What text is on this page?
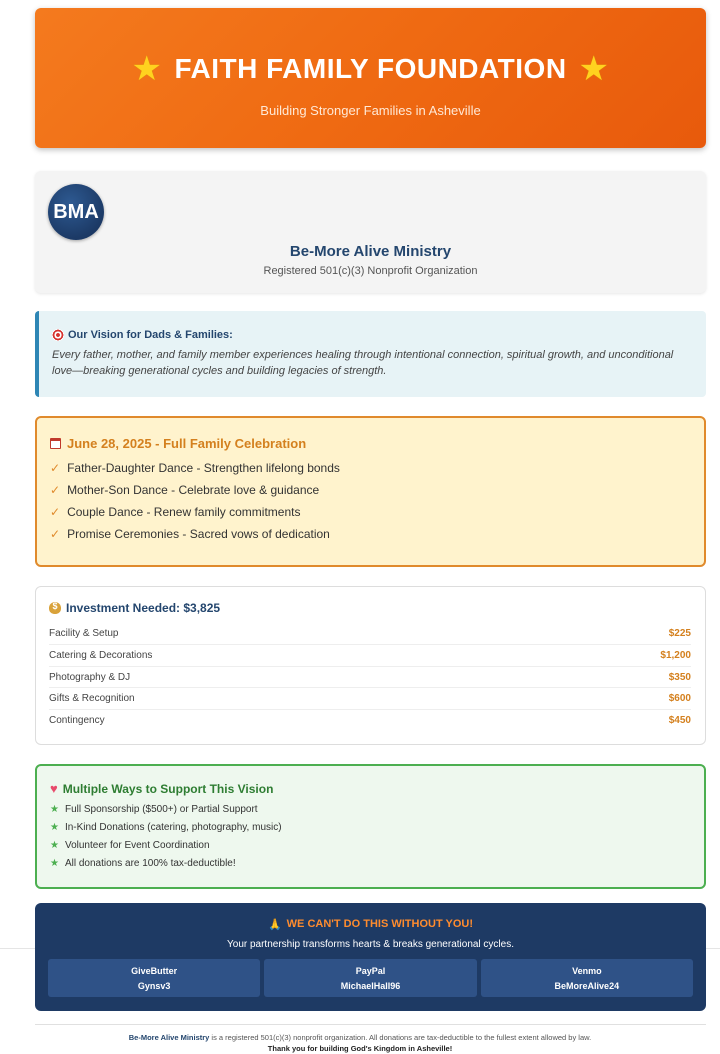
★ FAITH FAMILY FOUNDATION ★
Building Stronger Families in Asheville
BMA
Be-More Alive Ministry
Registered 501(c)(3) Nonprofit Organization
Our Vision for Dads & Families:
Every father, mother, and family member experiences healing through intentional connection, spiritual growth, and unconditional love—breaking generational cycles and building legacies of strength.
June 28, 2025 - Full Family Celebration
✓ Father-Daughter Dance - Strengthen lifelong bonds
✓ Mother-Son Dance - Celebrate love & guidance
✓ Couple Dance - Renew family commitments
✓ Promise Ceremonies - Sacred vows of dedication
$
Investment Needed: $3,825
Facility & Setup	$225
Catering & Decorations	$1,200
Photography & DJ	$350
Gifts & Recognition	$600
Contingency	$450
♥ Multiple Ways to Support This Vision
★ Full Sponsorship ($500+) or Partial Support
★ In-Kind Donations (catering, photography, music)
★ Volunteer for Event Coordination
★ All donations are 100% tax-deductible!
🙏 WE CAN'T DO THIS WITHOUT YOU!
Your partnership transforms hearts & breaks generational cycles.
GiveButter
Gynsv3
PayPal
MichaelHall96
Venmo
BeMoreAlive24
Be-More Alive Ministry is a registered 501(c)(3) nonprofit organization. All donations are tax-deductible to the fullest extent allowed by law.
Thank you for building God's Kingdom in Asheville!
